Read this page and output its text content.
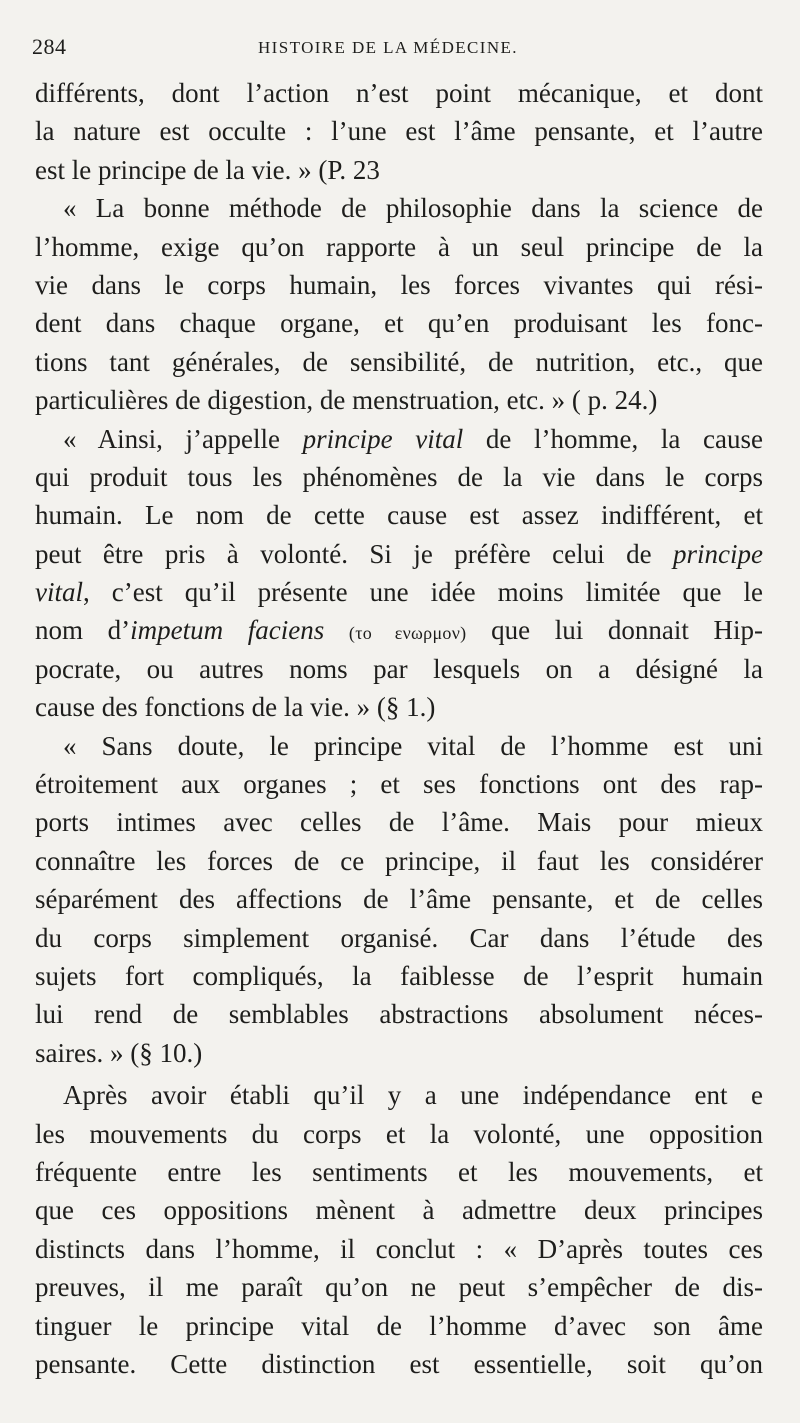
284	HISTOIRE DE LA MÉDECINE.
différents, dont l’action n’est point mécanique, et dont
la nature est occulte : l’une est l’âme pensante, et l’autre
est le principe de la vie. » (P. 23
« La bonne méthode de philosophie dans la science de
l’homme, exige qu’on rapporte à un seul principe de la
vie dans le corps humain, les forces vivantes qui rési-
dent dans chaque organe, et qu’en produisant les fonc-
tions tant générales, de sensibilité, de nutrition, etc., que
particulières de digestion, de menstruation, etc. » ( p. 24.)
« Ainsi, j’appelle principe vital de l’homme, la cause
qui produit tous les phénomènes de la vie dans le corps
humain. Le nom de cette cause est assez indifférent, et
peut être pris à volonté. Si je préfère celui de principe
vital, c’est qu’il présente une idée moins limitée que le
nom d’impetum faciens (το ενωρμον) que lui donnait Hip-
pocrate, ou autres noms par lesquels on a désigné la
cause des fonctions de la vie. » (§ 1.)
« Sans doute, le principe vital de l’homme est uni
étroitement aux organes ; et ses fonctions ont des rap-
ports intimes avec celles de l’âme. Mais pour mieux
connaître les forces de ce principe, il faut les considérer
séparément des affections de l’âme pensante, et de celles
du corps simplement organisé. Car dans l’étude des
sujets fort compliqués, la faiblesse de l’esprit humain
lui rend de semblables abstractions absolument néces-
saires. » (§ 10.)
Après avoir établi qu’il y a une indépendance ent e
les mouvements du corps et la volonté, une opposition
fréquente entre les sentiments et les mouvements, et
que ces oppositions mènent à admettre deux principes
distincts dans l’homme, il conclut : « D’après toutes ces
preuves, il me paraît qu’on ne peut s’empêcher de dis-
tinguer le principe vital de l’homme d’avec son âme
pensante. Cette distinction est essentielle, soit qu’on
